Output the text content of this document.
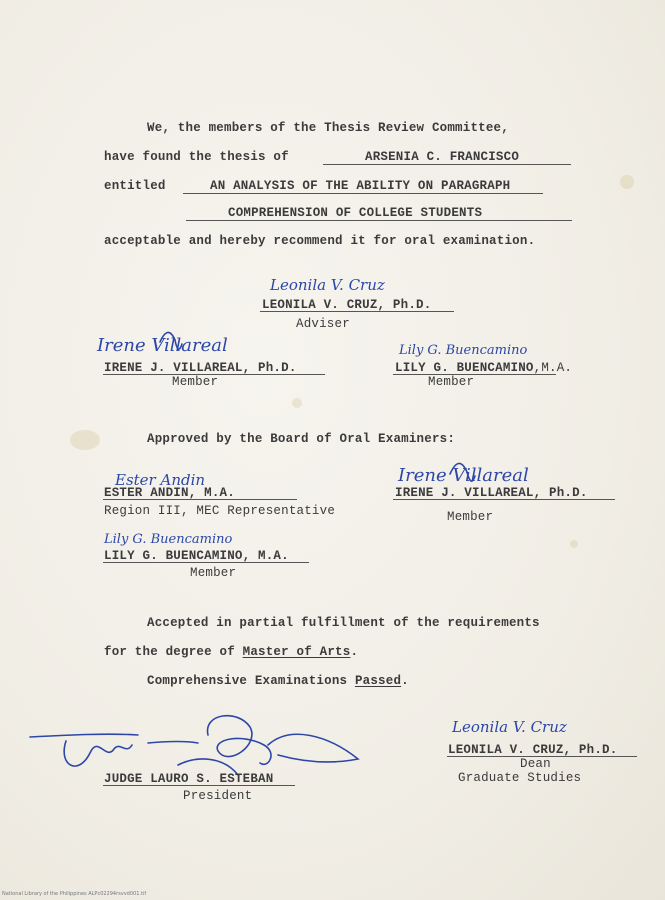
We, the members of the Thesis Review Committee,
have found the thesis of	ARSENIA C. FRANCISCO
entitled	AN ANALYSIS OF THE ABILITY ON PARAGRAPH
COMPREHENSION OF COLLEGE STUDENTS
acceptable and hereby recommend it for oral examination.
Leonila V. Cruz
LEONILA V. CRUZ, Ph.D.
Adviser
Irene Villareal
IRENE J. VILLAREAL, Ph.D.
Member
Lily G. Buencamino
LILY G. BUENCAMINO,M.A.
Member
Approved by the Board of Oral Examiners:
Ester Andin
ESTER ANDIN, M.A.
Region III, MEC Representative
Irene Villareal
IRENE J. VILLAREAL, Ph.D.
Member
Lily G. Buencamino
LILY G. BUENCAMINO, M.A.
Member
Accepted in partial fulfillment of the requirements
for the degree of Master of Arts.
Comprehensive Examinations Passed.
JUDGE LAURO S. ESTEBAN
President
Leonila V. Cruz
LEONILA V. CRUZ, Ph.D.
Dean
Graduate Studies
National Library of the Philippines ALPc02294rsvvd001.tif
